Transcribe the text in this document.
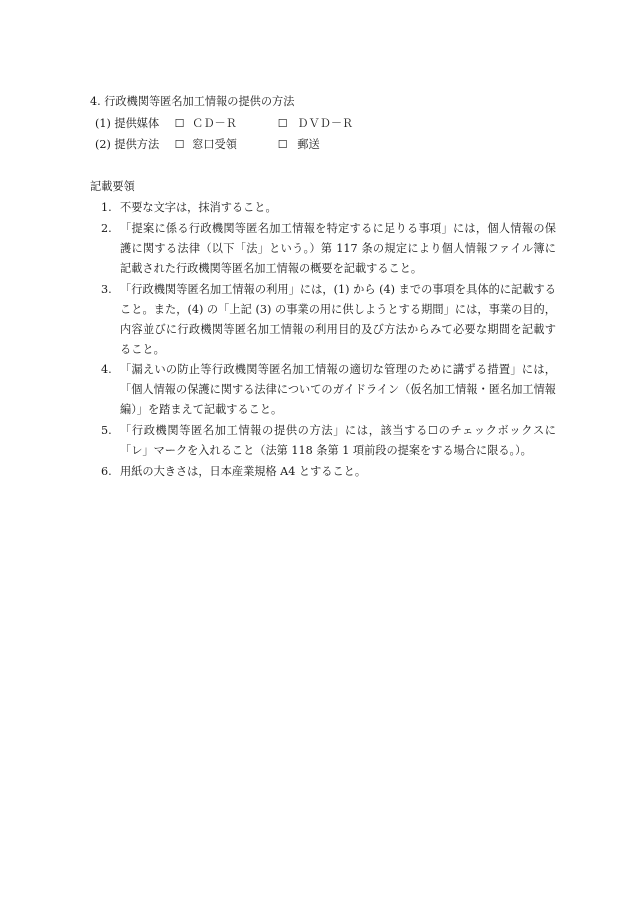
4. 行政機関等匿名加工情報の提供の方法
(1) 提供媒体 ☐ ＣＤ－Ｒ	☐ ＤＶＤ－Ｒ
(2) 提供方法 ☐ 窓口受領	☐ 郵送
記載要領
1. 不要な文字は，抹消すること。
2. 「提案に係る行政機関等匿名加工情報を特定するに足りる事項」には，個人情報の保護に関する法律（以下「法」という。）第 117 条の規定により個人情報ファイル簿に記載された行政機関等匿名加工情報の概要を記載すること。
3. 「行政機関等匿名加工情報の利用」には，(1) から (4) までの事項を具体的に記載すること。また，(4) の「上記 (3) の事業の用に供しようとする期間」には，事業の目的，内容並びに行政機関等匿名加工情報の利用目的及び方法からみて必要な期間を記載すること。
4. 「漏えいの防止等行政機関等匿名加工情報の適切な管理のために講ずる措置」には，「個人情報の保護に関する法律についてのガイドライン（仮名加工情報・匿名加工情報編）」を踏まえて記載すること。
5. 「行政機関等匿名加工情報の提供の方法」には，該当する☐のチェックボックスに「レ」マークを入れること（法第 118 条第 1 項前段の提案をする場合に限る。）。
6. 用紙の大きさは，日本産業規格 A4 とすること。
